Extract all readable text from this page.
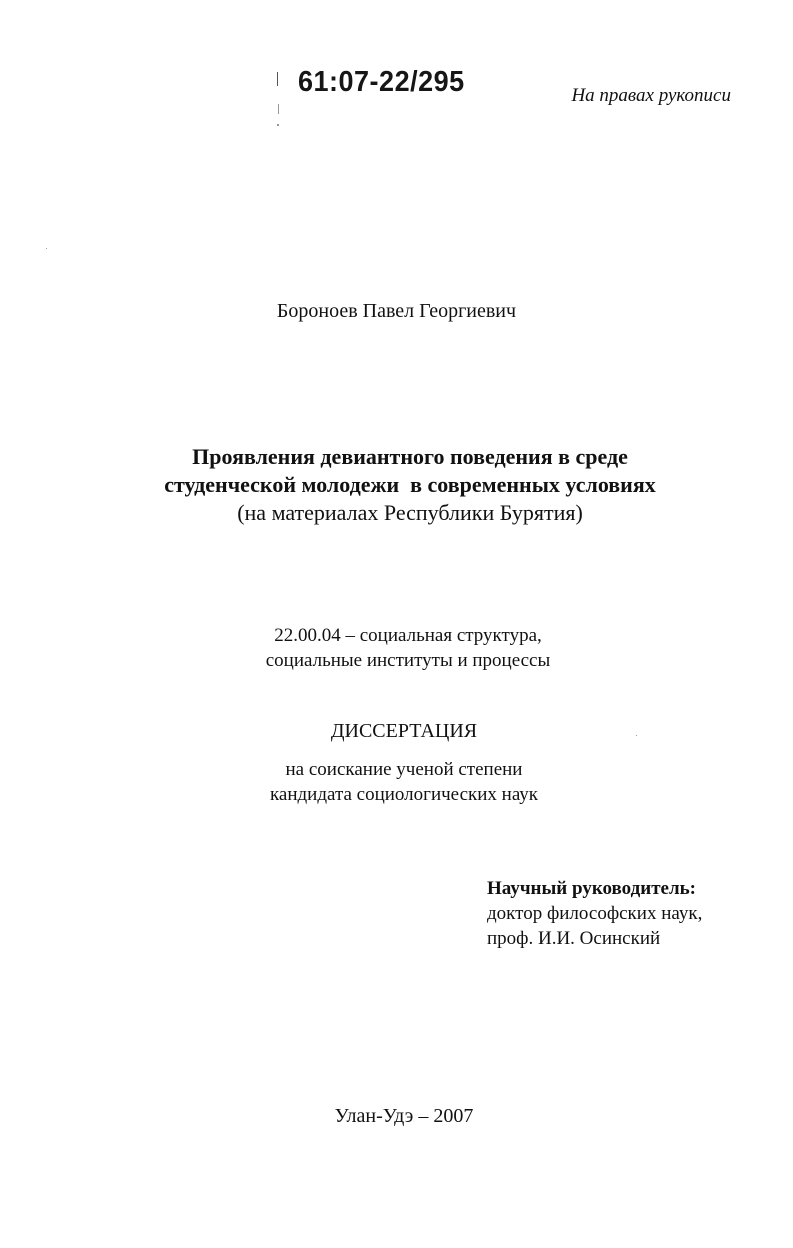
61:07-22/295	На правах рукописи
Бороноев Павел Георгиевич
Проявления девиантного поведения в среде
студенческой молодежи  в современных условиях
(на материалах Республики Бурятия)
22.00.04 – социальная структура,
социальные институты и процессы
ДИССЕРТАЦИЯ
на соискание ученой степени
кандидата социологических наук
Научный руководитель:
доктор философских наук,
проф. И.И. Осинский
Улан-Удэ – 2007
